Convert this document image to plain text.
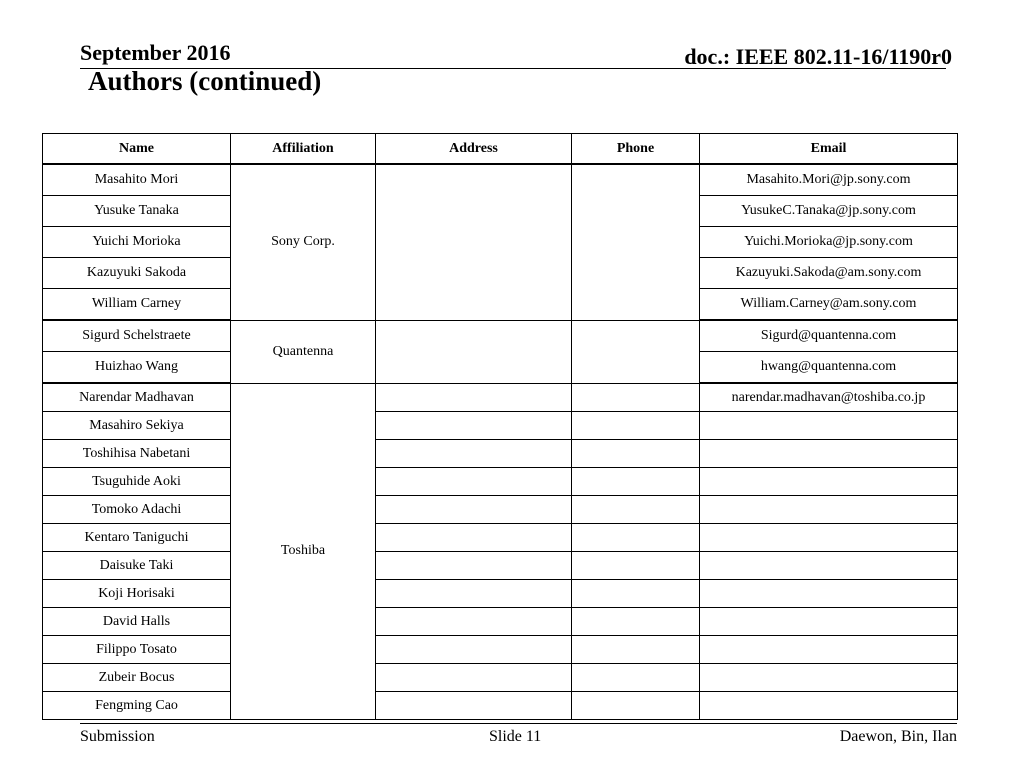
September 2016	doc.: IEEE 802.11-16/1190r0
Authors (continued)
Name	Affiliation	Address	Phone	Email
Masahito Mori	Sony Corp.			Masahito.Mori@jp.sony.com
Yusuke Tanaka				YusukeC.Tanaka@jp.sony.com
Yuichi Morioka				Yuichi.Morioka@jp.sony.com
Kazuyuki Sakoda				Kazuyuki.Sakoda@am.sony.com
William Carney				William.Carney@am.sony.com
Sigurd Schelstraete	Quantenna			Sigurd@quantenna.com
Huizhao Wang				hwang@quantenna.com
Narendar Madhavan	Toshiba			narendar.madhavan@toshiba.co.jp
Masahiro Sekiya				
Toshihisa Nabetani				
Tsuguhide Aoki				
Tomoko Adachi				
Kentaro Taniguchi				
Daisuke Taki				
Koji Horisaki				
David Halls				
Filippo Tosato				
Zubeir Bocus				
Fengming Cao				
Submission	Slide 11	Daewon, Bin, Ilan
